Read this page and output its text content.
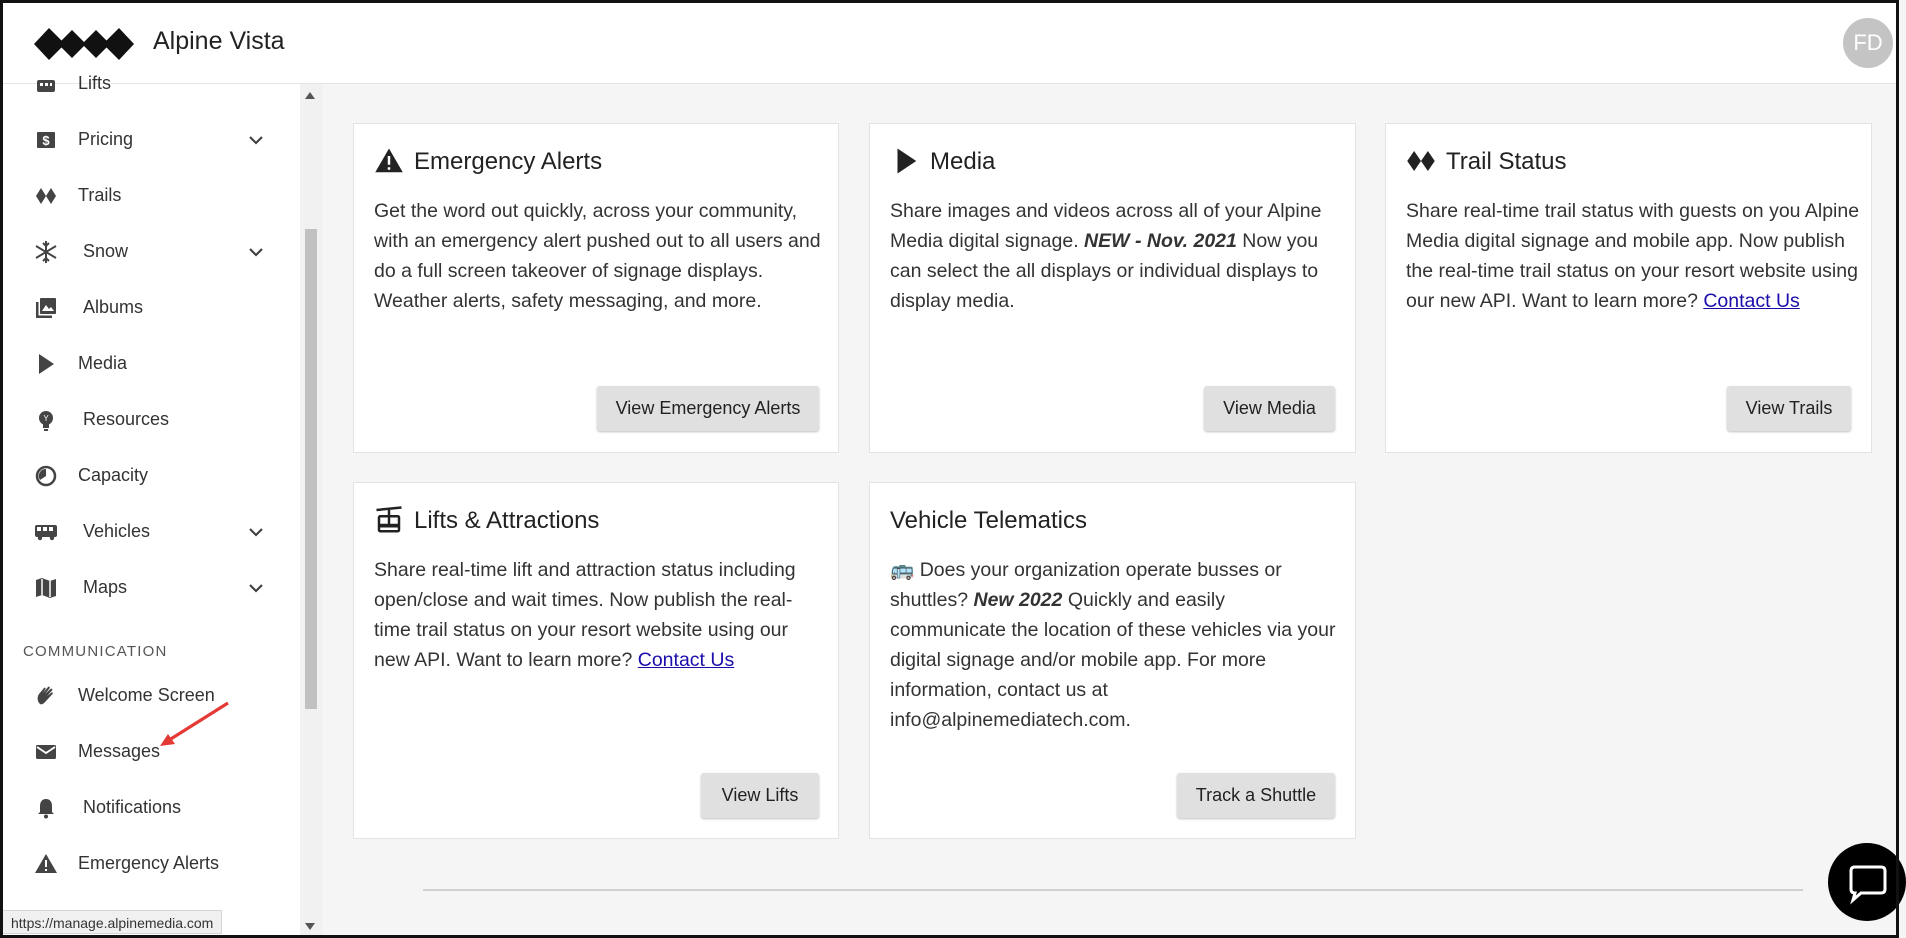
Alpine Vista	FD
Lifts
$ Pricing
Trails
Snow
Albums
Media
Y Resources
Capacity
Vehicles
Maps
COMMUNICATION
Welcome Screen
Messages
Notifications
Emergency Alerts
https://manage.alpinemedia.com
Emergency Alerts
Get the word out quickly, across your community, with an emergency alert pushed out to all users and do a full screen takeover of signage displays. Weather alerts, safety messaging, and more.
View Emergency Alerts
Media
Share images and videos across all of your Alpine Media digital signage. NEW - Nov. 2021 Now you can select the all displays or individual displays to display media.
View Media
Trail Status
Share real-time trail status with guests on you Alpine Media digital signage and mobile app. Now publish the real-time trail status on your resort website using our new API. Want to learn more? Contact Us
View Trails
Lifts & Attractions
Share real-time lift and attraction status including open/close and wait times. Now publish the real-time trail status on your resort website using our new API. Want to learn more? Contact Us
View Lifts
Vehicle Telematics
🚌 Does your organization operate busses or shuttles? New 2022 Quickly and easily communicate the location of these vehicles via your digital signage and/or mobile app. For more information, contact us at info@alpinemediatech.com.
Track a Shuttle
